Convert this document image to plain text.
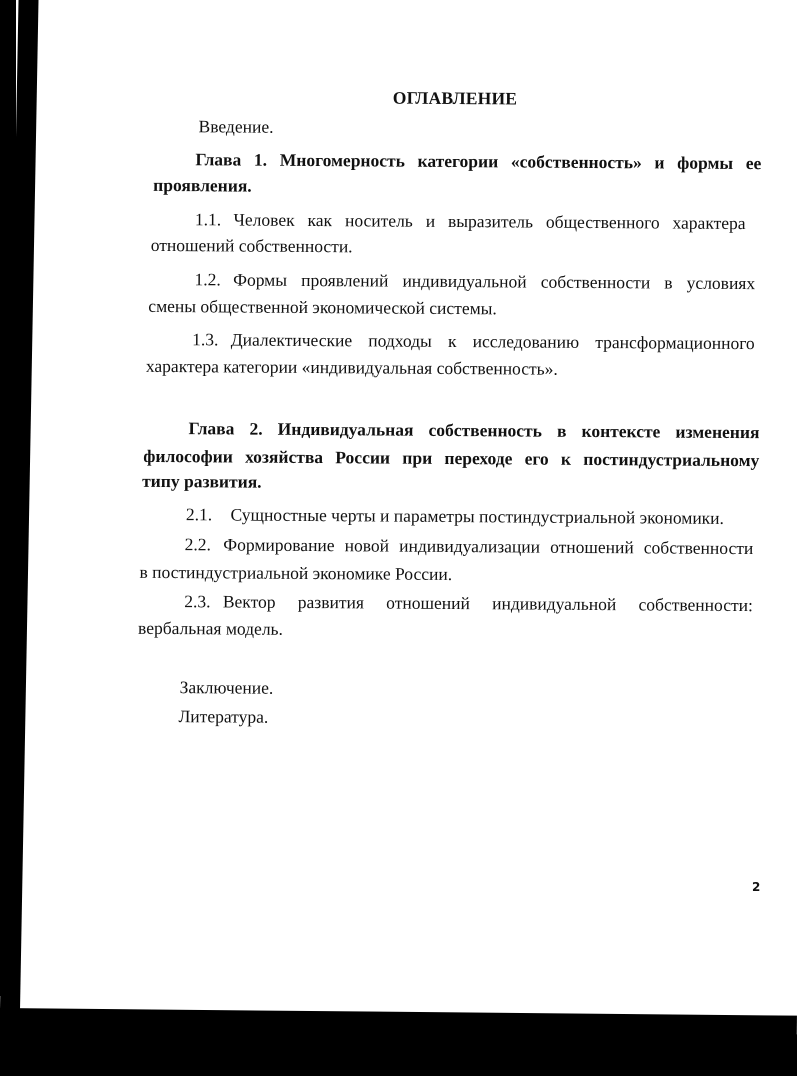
ОГЛАВЛЕНИЕ
Введение.
Глава 1. Многомерность категории «собственность» и формы ее
проявления.
1.1. Человек как носитель и выразитель общественного характера
отношений собственности.
1.2. Формы проявлений индивидуальной собственности в условиях
смены общественной экономической системы.
1.3. Диалектические подходы к исследованию трансформационного
характера категории «индивидуальная собственность».
Глава 2. Индивидуальная собственность в контексте изменения
философии хозяйства России при переходе его к постиндустриальному
типу развития.
2.1. Сущностные черты и параметры постиндустриальной экономики.
2.2. Формирование новой индивидуализации отношений собственности
в постиндустриальной экономике России.
2.3. Вектор развития отношений индивидуальной собственности:
вербальная модель.
Заключение.
Литература.
2
